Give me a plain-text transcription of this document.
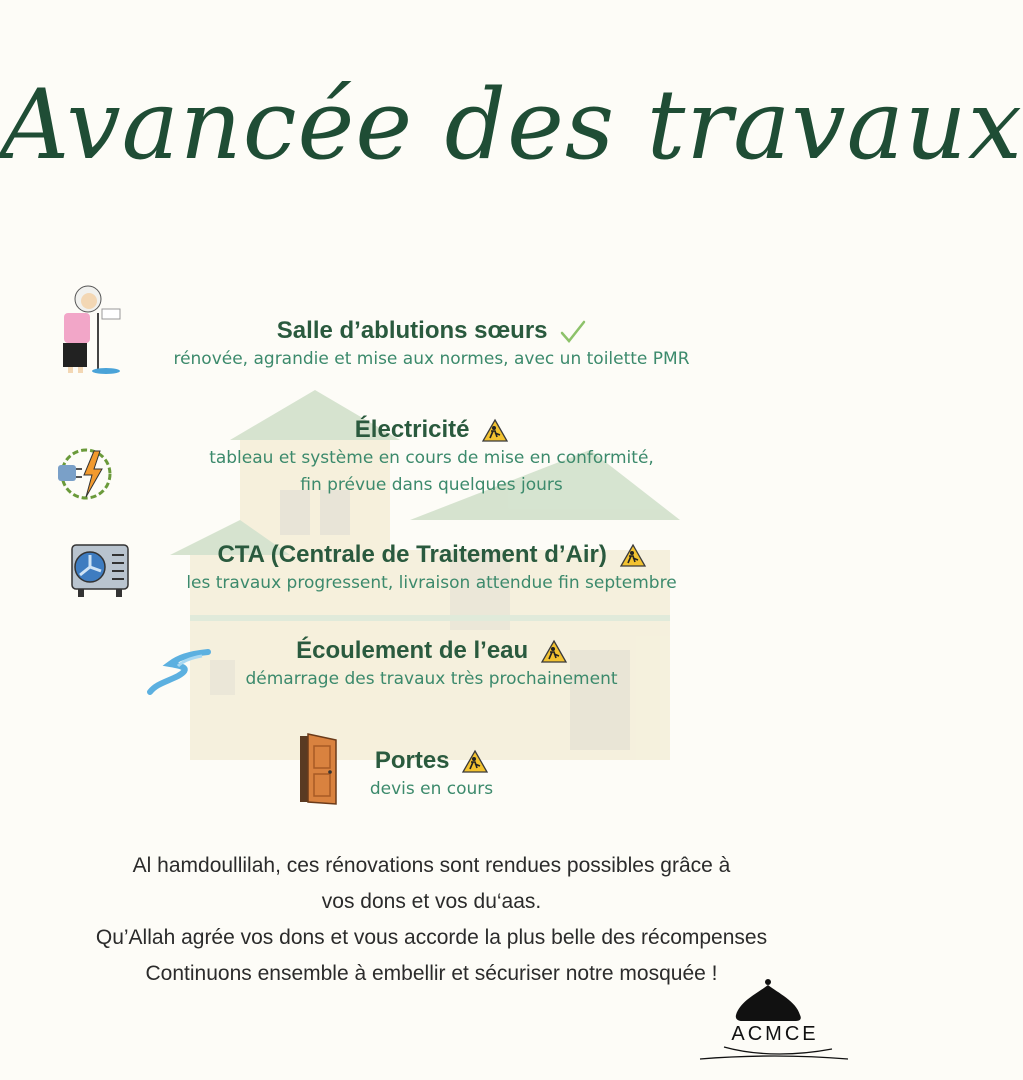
Avancée des travaux
Salle d’ablutions sœurs
rénovée, agrandie et mise aux normes, avec un toilette PMR
Électricité
tableau et système en cours de mise en conformité,
fin prévue dans quelques jours
CTA (Centrale de Traitement d’Air)
les travaux progressent, livraison attendue fin septembre
Écoulement de l’eau
démarrage des travaux très prochainement
Portes
devis en cours
Al hamdoullilah, ces rénovations sont rendues possibles grâce à
vos dons et vos du‘aas.
Qu’Allah agrée vos dons et vous accorde la plus belle des récompenses
Continuons ensemble à embellir et sécuriser notre mosquée !
ACMCE
